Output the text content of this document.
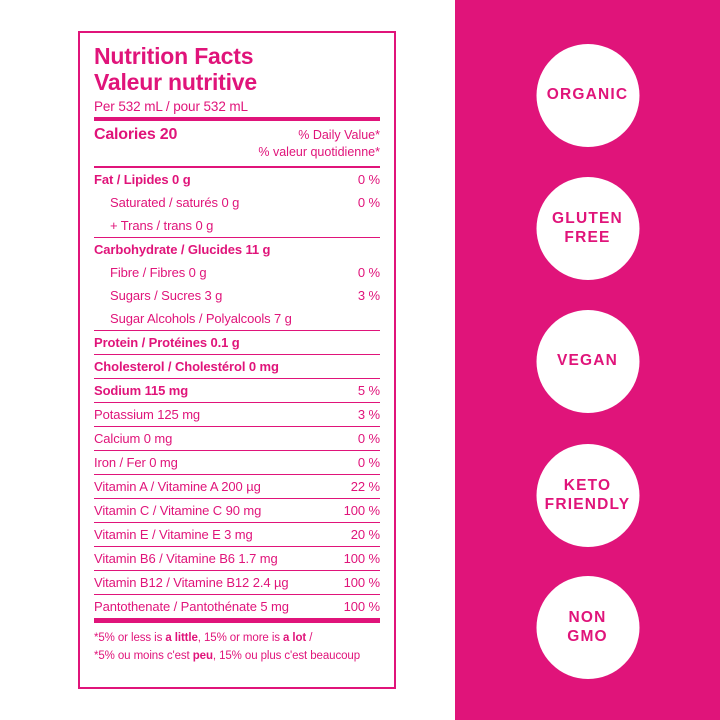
Nutrition Facts
Valeur nutritive
Per 532 mL / pour 532 mL
Calories 20	% Daily Value*
% valeur quotidienne*
Fat / Lipides 0 g	0 %
Saturated / saturés 0 g	0 %
+ Trans / trans 0 g
Carbohydrate / Glucides 11 g
Fibre / Fibres 0 g	0 %
Sugars / Sucres 3 g	3 %
Sugar Alcohols / Polyalcools 7 g
Protein / Protéines 0.1 g
Cholesterol / Cholestérol 0 mg
Sodium 115 mg	5 %
Potassium 125 mg	3 %
Calcium 0 mg	0 %
Iron / Fer 0 mg	0 %
Vitamin A / Vitamine A 200 µg	22 %
Vitamin C / Vitamine C 90 mg	100 %
Vitamin E / Vitamine E 3 mg	20 %
Vitamin B6 / Vitamine B6 1.7 mg	100 %
Vitamin B12 / Vitamine B12 2.4 µg	100 %
Pantothenate / Pantothénate 5 mg	100 %
*5% or less is a little, 15% or more is a lot /
*5% ou moins c'est peu, 15% ou plus c'est beaucoup
ORGANIC
GLUTEN
FREE
VEGAN
KETO
FRIENDLY
NON
GMO
